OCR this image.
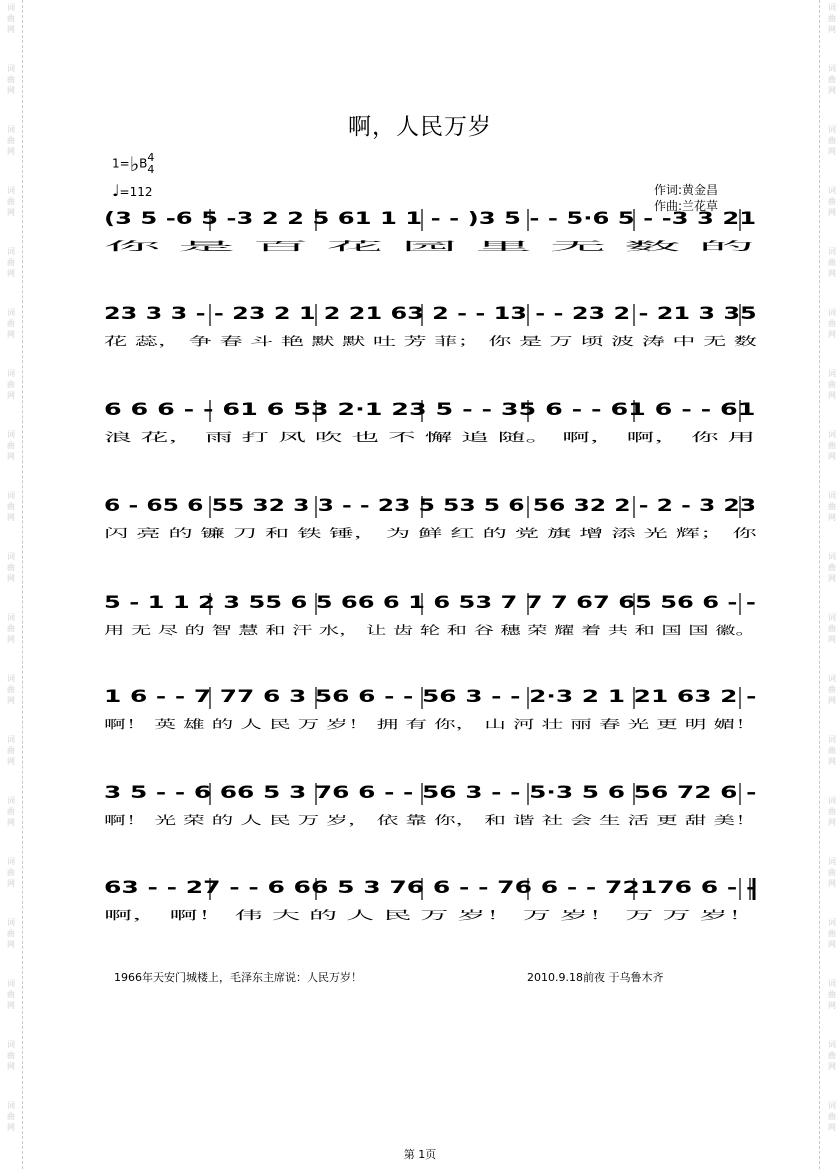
词
曲
网
词
曲
网
词
曲
网
词
曲
网
词
曲
网
词
曲
网
词
曲
网
词
曲
网
词
曲
网
词
曲
网
词
曲
网
词
曲
网
词
曲
网
词
曲
网
词
曲
网
词
曲
网
词
曲
网
词
曲
网
词
曲
网
词
曲
网
词
曲
网
词
曲
网
词
曲
网
词
曲
网
词
曲
网
词
曲
网
词
曲
网
词
曲
网
词
曲
网
词
曲
网
词
曲
网
词
曲
网
词
曲
网
词
曲
网
词
曲
网
词
曲
网
词
曲
网
词
曲
网
啊，人民万岁
1=♭B4
4
♩=112	作词:黄金昌
作曲:兰花草
(3 5 -6 5 -3 2 2 5 61 1 1 - - )3 5 - - 5·6 5 - -3 3 21
你 是 百 花 园 里 无 数 的
23 3 3 - - 23 2 1 2 21 63 2 - - 13 - - 23 2 - 21 3 35
花 蕊， 争 春 斗 艳 默 默 吐 芳 菲； 你 是 万 顷 波 涛 中 无 数
6 6 6 - - 61 6 53 2·1 23 5 - - 35 6 - - 61 6 - - 61
浪 花， 雨 打 风 吹 也 不 懈 追 随。 啊， 啊， 你 用
6 - 65 6 55 32 3 3 - - 23 5 53 5 6 56 32 2 - 2 - 3 23
闪 亮 的 镰 刀 和 铁 锤， 为 鲜 红 的 党 旗 增 添 光 辉； 你
5 - 1 1 2 3 55 6 5 66 6 1 6 53 7 7 7 67 65 56 6 - -
用 无 尽 的 智 慧 和 汗 水， 让 齿 轮 和 谷 穗 荣 耀 着 共 和 国 国 徽。
1 6 - - 7 77 6 3 56 6 - - 56 3 - - 2·3 2 1 21 63 2 -
啊！ 英 雄 的 人 民 万 岁！ 拥 有 你， 山 河 壮 丽 春 光 更 明 媚！
3 5 - - 6 66 5 3 76 6 - - 56 3 - - 5·3 5 6 56 72 6 -
啊！ 光 荣 的 人 民 万 岁， 依 靠 你， 和 谐 社 会 生 活 更 甜 美！
63 - - 27 - - 6 66 5 3 76 6 - - 76 6 - - 72176 6 - -
啊， 啊！ 伟 大 的 人 民 万 岁！ 万 岁！ 万 万 岁！
1966年天安门城楼上，毛泽东主席说：人民万岁！	2010.9.18前夜 于乌鲁木齐
第 1页
